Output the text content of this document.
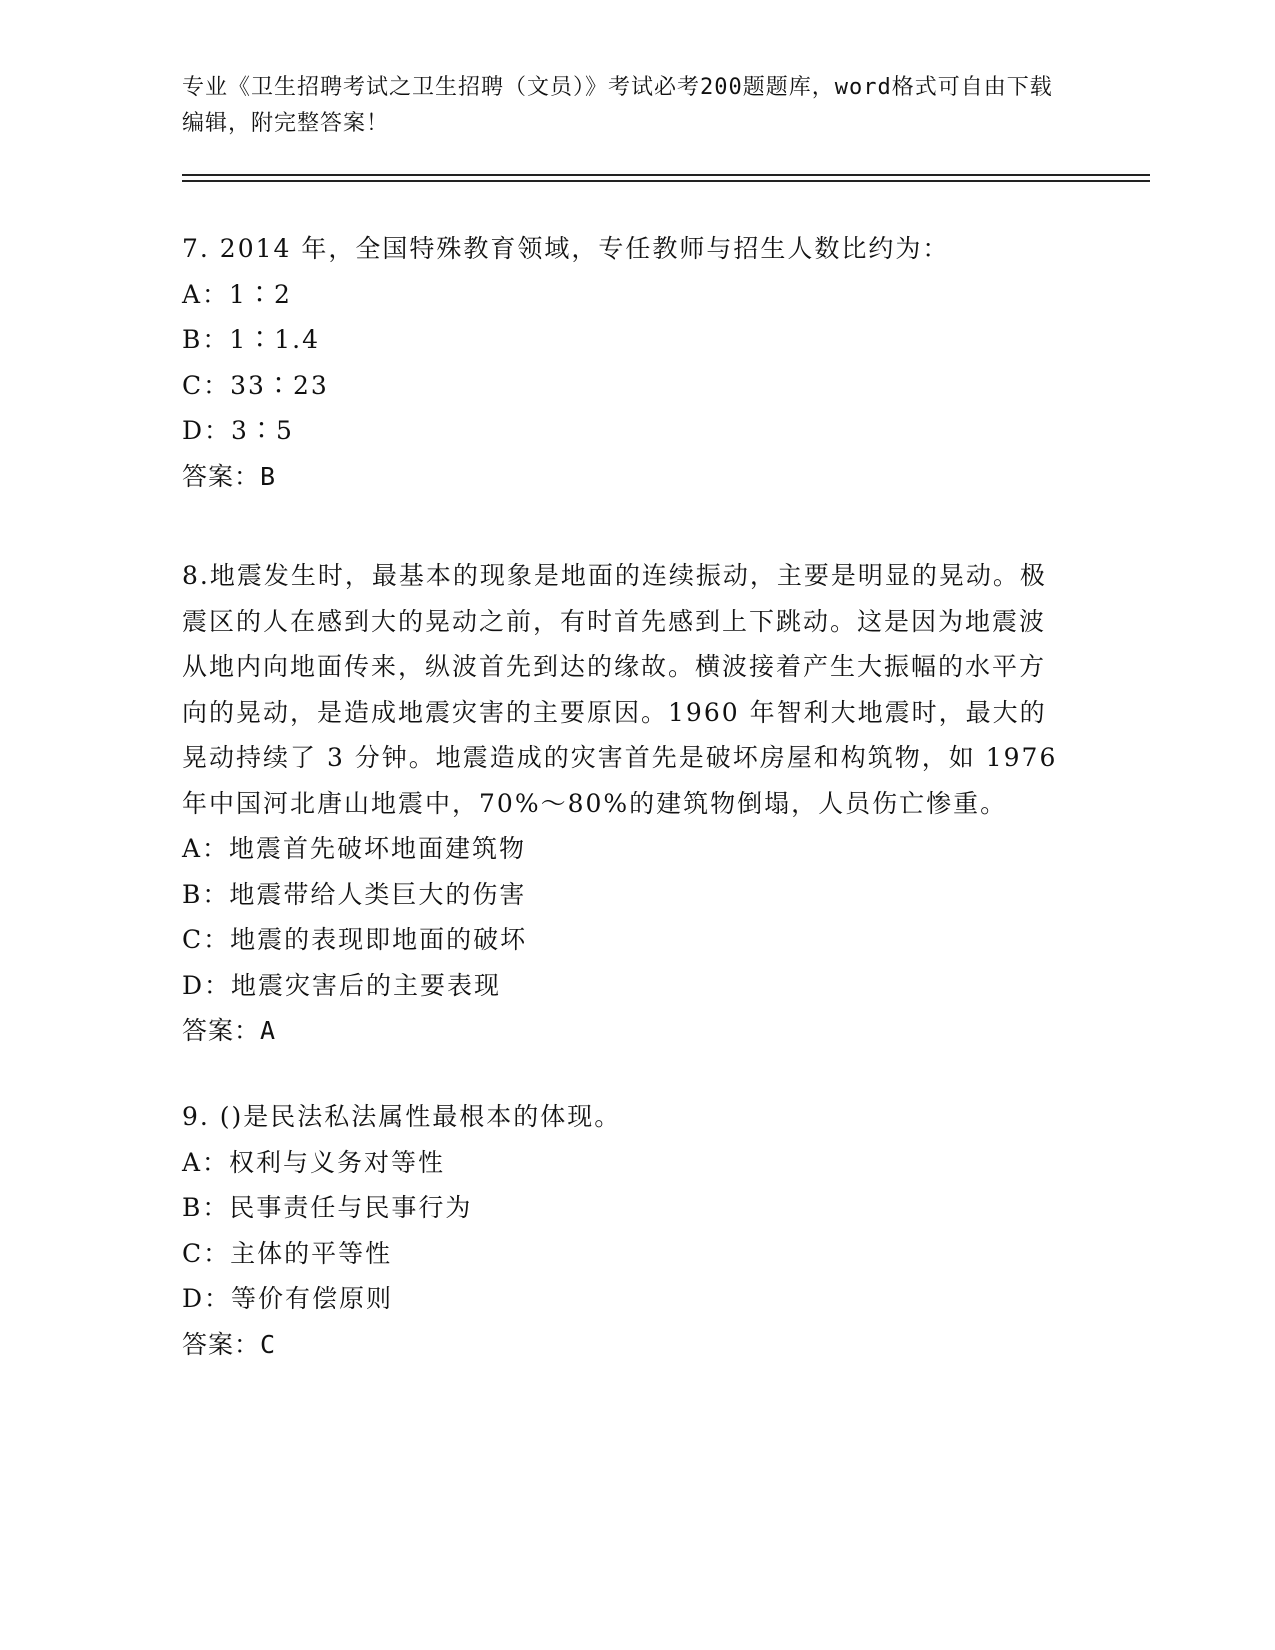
专业《卫生招聘考试之卫生招聘（文员）》考试必考200题题库，word格式可自由下载编辑，附完整答案！

7. 2014 年，全国特殊教育领域，专任教师与招生人数比约为：

A：1∶2
B：1∶1.4
C：33∶23
D：3∶5
答案：B

8.地震发生时，最基本的现象是地面的连续振动，主要是明显的晃动。极震区的人在感到大的晃动之前，有时首先感到上下跳动。这是因为地震波从地内向地面传来，纵波首先到达的缘故。横波接着产生大振幅的水平方向的晃动，是造成地震灾害的主要原因。1960 年智利大地震时，最大的晃动持续了 3 分钟。地震造成的灾害首先是破坏房屋和构筑物，如 1976 年中国河北唐山地震中，70%～80%的建筑物倒塌，人员伤亡惨重。

A：地震首先破坏地面建筑物
B：地震带给人类巨大的伤害
C：地震的表现即地面的破坏
D：地震灾害后的主要表现
答案：A

9. ()是民法私法属性最根本的体现。

A：权利与义务对等性
B：民事责任与民事行为
C：主体的平等性
D：等价有偿原则
答案：C
